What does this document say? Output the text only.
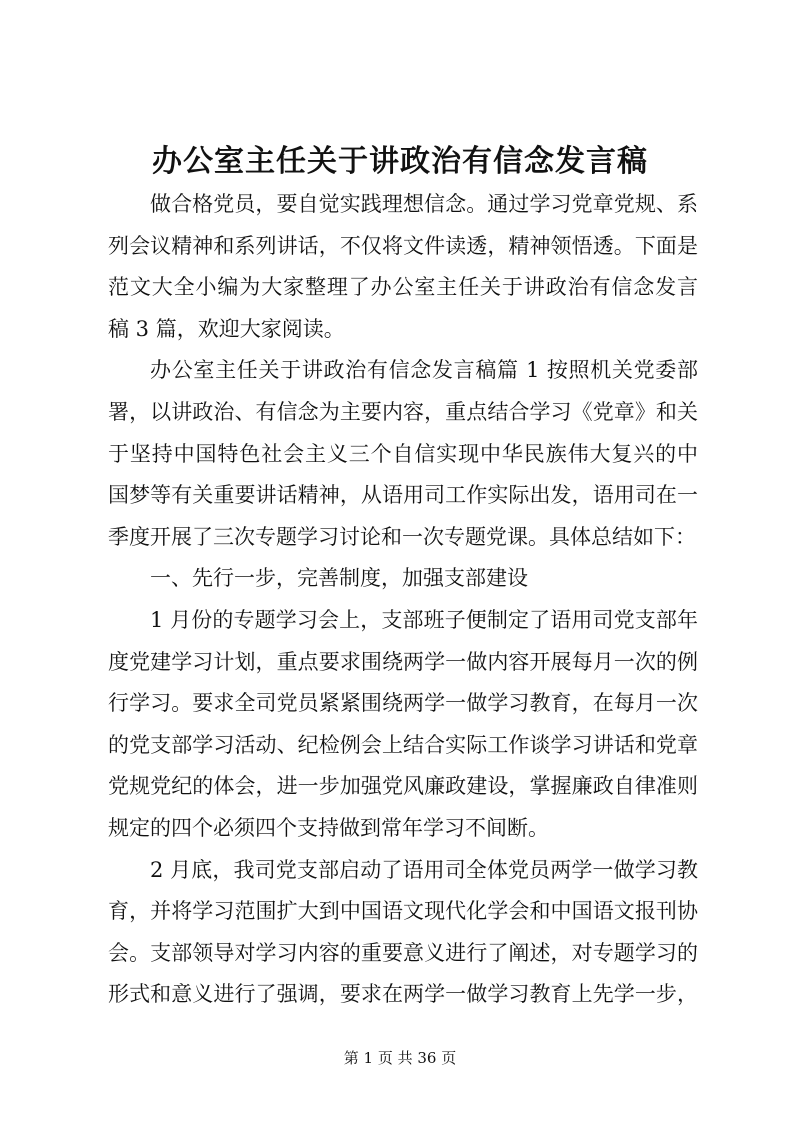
办公室主任关于讲政治有信念发言稿
做合格党员，要自觉实践理想信念。通过学习党章党规、系
列会议精神和系列讲话，不仅将文件读透，精神领悟透。下面是
范文大全小编为大家整理了办公室主任关于讲政治有信念发言
稿 3 篇，欢迎大家阅读。
办公室主任关于讲政治有信念发言稿篇 1 按照机关党委部
署，以讲政治、有信念为主要内容，重点结合学习《党章》和关
于坚持中国特色社会主义三个自信实现中华民族伟大复兴的中
国梦等有关重要讲话精神，从语用司工作实际出发，语用司在一
季度开展了三次专题学习讨论和一次专题党课。具体总结如下：
一、先行一步，完善制度，加强支部建设
1 月份的专题学习会上，支部班子便制定了语用司党支部年
度党建学习计划，重点要求围绕两学一做内容开展每月一次的例
行学习。要求全司党员紧紧围绕两学一做学习教育，在每月一次
的党支部学习活动、纪检例会上结合实际工作谈学习讲话和党章
党规党纪的体会，进一步加强党风廉政建设，掌握廉政自律准则
规定的四个必须四个支持做到常年学习不间断。
2 月底，我司党支部启动了语用司全体党员两学一做学习教
育，并将学习范围扩大到中国语文现代化学会和中国语文报刊协
会。支部领导对学习内容的重要意义进行了阐述，对专题学习的
形式和意义进行了强调，要求在两学一做学习教育上先学一步，
第 1 页 共 36 页
